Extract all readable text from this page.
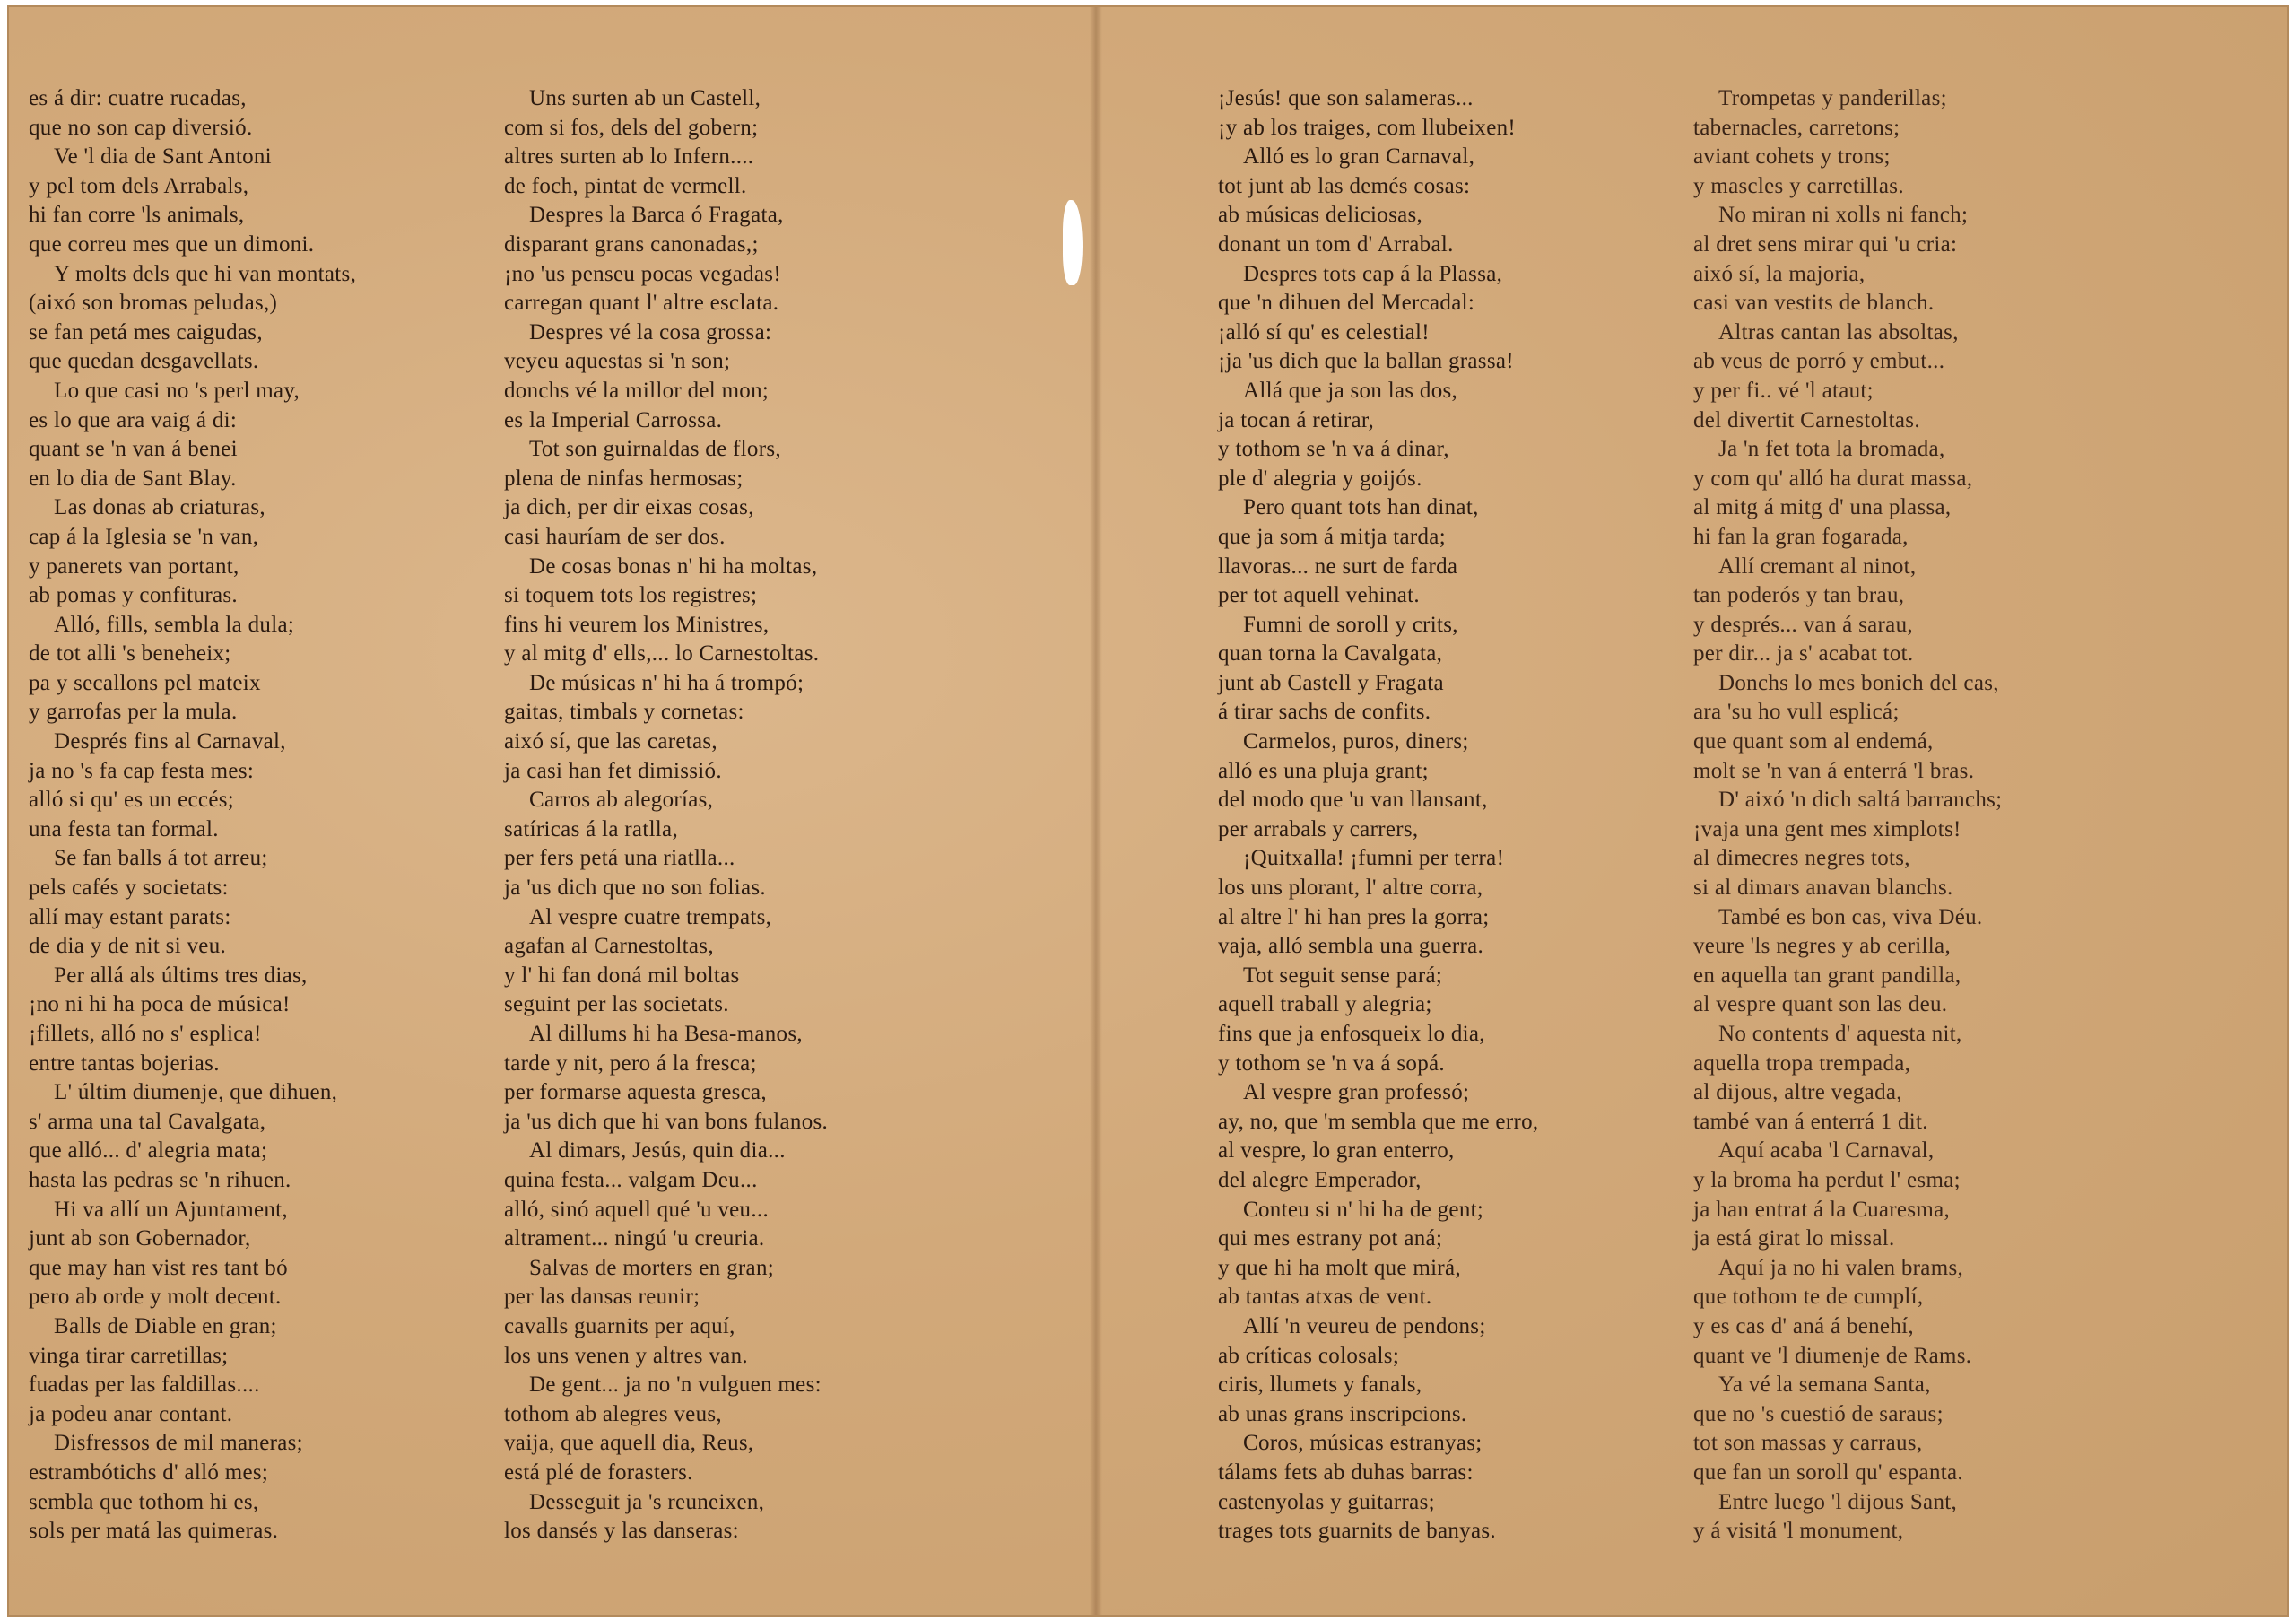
es á dir: cuatre rucadas,
que no son cap diversió.
Ve 'l dia de Sant Antoni
y pel tom dels Arrabals,
hi fan corre 'ls animals,
que correu mes que un dimoni.
Y molts dels que hi van montats,
(aixó son bromas peludas,)
se fan petá mes caigudas,
que quedan desgavellats.
Lo que casi no 's perl may,
es lo que ara vaig á di:
quant se 'n van á benei
en lo dia de Sant Blay.
Las donas ab criaturas,
cap á la Iglesia se 'n van,
y panerets van portant,
ab pomas y confituras.
Alló, fills, sembla la dula;
de tot alli 's beneheix;
pa y secallons pel mateix
y garrofas per la mula.
Després fins al Carnaval,
ja no 's fa cap festa mes:
alló si qu' es un eccés;
una festa tan formal.
Se fan balls á tot arreu;
pels cafés y societats:
allí may estant parats:
de dia y de nit si veu.
Per allá als últims tres dias,
¡no ni hi ha poca de música!
¡fillets, alló no s' esplica!
entre tantas bojerias.
L' últim diumenje, que dihuen,
s' arma una tal Cavalgata,
que alló... d' alegria mata;
hasta las pedras se 'n rihuen.
Hi va allí un Ajuntament,
junt ab son Gobernador,
que may han vist res tant bó
pero ab orde y molt decent.
Balls de Diable en gran;
vinga tirar carretillas;
fuadas per las faldillas....
ja podeu anar contant.
Disfressos de mil maneras;
estrambótichs d' alló mes;
sembla que tothom hi es,
sols per matá las quimeras.
Uns surten ab un Castell,
com si fos, dels del gobern;
altres surten ab lo Infern....
de foch, pintat de vermell.
Despres la Barca ó Fragata,
disparant grans canonadas,;
¡no 'us penseu pocas vegadas!
carregan quant l' altre esclata.
Despres vé la cosa grossa:
veyeu aquestas si 'n son;
donchs vé la millor del mon;
es la Imperial Carrossa.
Tot son guirnaldas de flors,
plena de ninfas hermosas;
ja dich, per dir eixas cosas,
casi hauríam de ser dos.
De cosas bonas n' hi ha moltas,
si toquem tots los registres;
fins hi veurem los Ministres,
y al mitg d' ells,... lo Carnestoltas.
De músicas n' hi ha á trompó;
gaitas, timbals y cornetas:
aixó sí, que las caretas,
ja casi han fet dimissió.
Carros ab alegorías,
satíricas á la ratlla,
per fers petá una riatlla...
ja 'us dich que no son folias.
Al vespre cuatre trempats,
agafan al Carnestoltas,
y l' hi fan doná mil boltas
seguint per las societats.
Al dillums hi ha Besa-manos,
tarde y nit, pero á la fresca;
per formarse aquesta gresca,
ja 'us dich que hi van bons fulanos.
Al dimars, Jesús, quin dia...
quina festa... valgam Deu...
alló, sinó aquell qué 'u veu...
altrament... ningú 'u creuria.
Salvas de morters en gran;
per las dansas reunir;
cavalls guarnits per aquí,
los uns venen y altres van.
De gent... ja no 'n vulguen mes:
tothom ab alegres veus,
vaija, que aquell dia, Reus,
está plé de forasters.
Desseguit ja 's reuneixen,
los dansés y las danseras:
¡Jesús! que son salameras...
¡y ab los traiges, com llubeixen!
Alló es lo gran Carnaval,
tot junt ab las demés cosas:
ab músicas deliciosas,
donant un tom d' Arrabal.
Despres tots cap á la Plassa,
que 'n dihuen del Mercadal:
¡alló sí qu' es celestial!
¡ja 'us dich que la ballan grassa!
Allá que ja son las dos,
ja tocan á retirar,
y tothom se 'n va á dinar,
ple d' alegria y goijós.
Pero quant tots han dinat,
que ja som á mitja tarda;
llavoras... ne surt de farda
per tot aquell vehinat.
Fumni de soroll y crits,
quan torna la Cavalgata,
junt ab Castell y Fragata
á tirar sachs de confits.
Carmelos, puros, diners;
alló es una pluja grant;
del modo que 'u van llansant,
per arrabals y carrers,
¡Quitxalla! ¡fumni per terra!
los uns plorant, l' altre corra,
al altre l' hi han pres la gorra;
vaja, alló sembla una guerra.
Tot seguit sense pará;
aquell traball y alegria;
fins que ja enfosqueix lo dia,
y tothom se 'n va á sopá.
Al vespre gran professó;
ay, no, que 'm sembla que me erro,
al vespre, lo gran enterro,
del alegre Emperador,
Conteu si n' hi ha de gent;
qui mes estrany pot aná;
y que hi ha molt que mirá,
ab tantas atxas de vent.
Allí 'n veureu de pendons;
ab críticas colosals;
ciris, llumets y fanals,
ab unas grans inscripcions.
Coros, músicas estranyas;
tálams fets ab duhas barras:
castenyolas y guitarras;
trages tots guarnits de banyas.
Trompetas y panderillas;
tabernacles, carretons;
aviant cohets y trons;
y mascles y carretillas.
No miran ni xolls ni fanch;
al dret sens mirar qui 'u cria:
aixó sí, la majoria,
casi van vestits de blanch.
Altras cantan las absoltas,
ab veus de porró y embut...
y per fi.. vé 'l ataut;
del divertit Carnestoltas.
Ja 'n fet tota la bromada,
y com qu' alló ha durat massa,
al mitg á mitg d' una plassa,
hi fan la gran fogarada,
Allí cremant al ninot,
tan poderós y tan brau,
y després... van á sarau,
per dir... ja s' acabat tot.
Donchs lo mes bonich del cas,
ara 'su ho vull esplicá;
que quant som al endemá,
molt se 'n van á enterrá 'l bras.
D' aixó 'n dich saltá barranchs;
¡vaja una gent mes ximplots!
al dimecres negres tots,
si al dimars anavan blanchs.
També es bon cas, viva Déu.
veure 'ls negres y ab cerilla,
en aquella tan grant pandilla,
al vespre quant son las deu.
No contents d' aquesta nit,
aquella tropa trempada,
al dijous, altre vegada,
també van á enterrá 1 dit.
Aquí acaba 'l Carnaval,
y la broma ha perdut l' esma;
ja han entrat á la Cuaresma,
ja está girat lo missal.
Aquí ja no hi valen brams,
que tothom te de cumplí,
y es cas d' aná á benehí,
quant ve 'l diumenje de Rams.
Ya vé la semana Santa,
que no 's cuestió de saraus;
tot son massas y carraus,
que fan un soroll qu' espanta.
Entre luego 'l dijous Sant,
y á visitá 'l monument,
